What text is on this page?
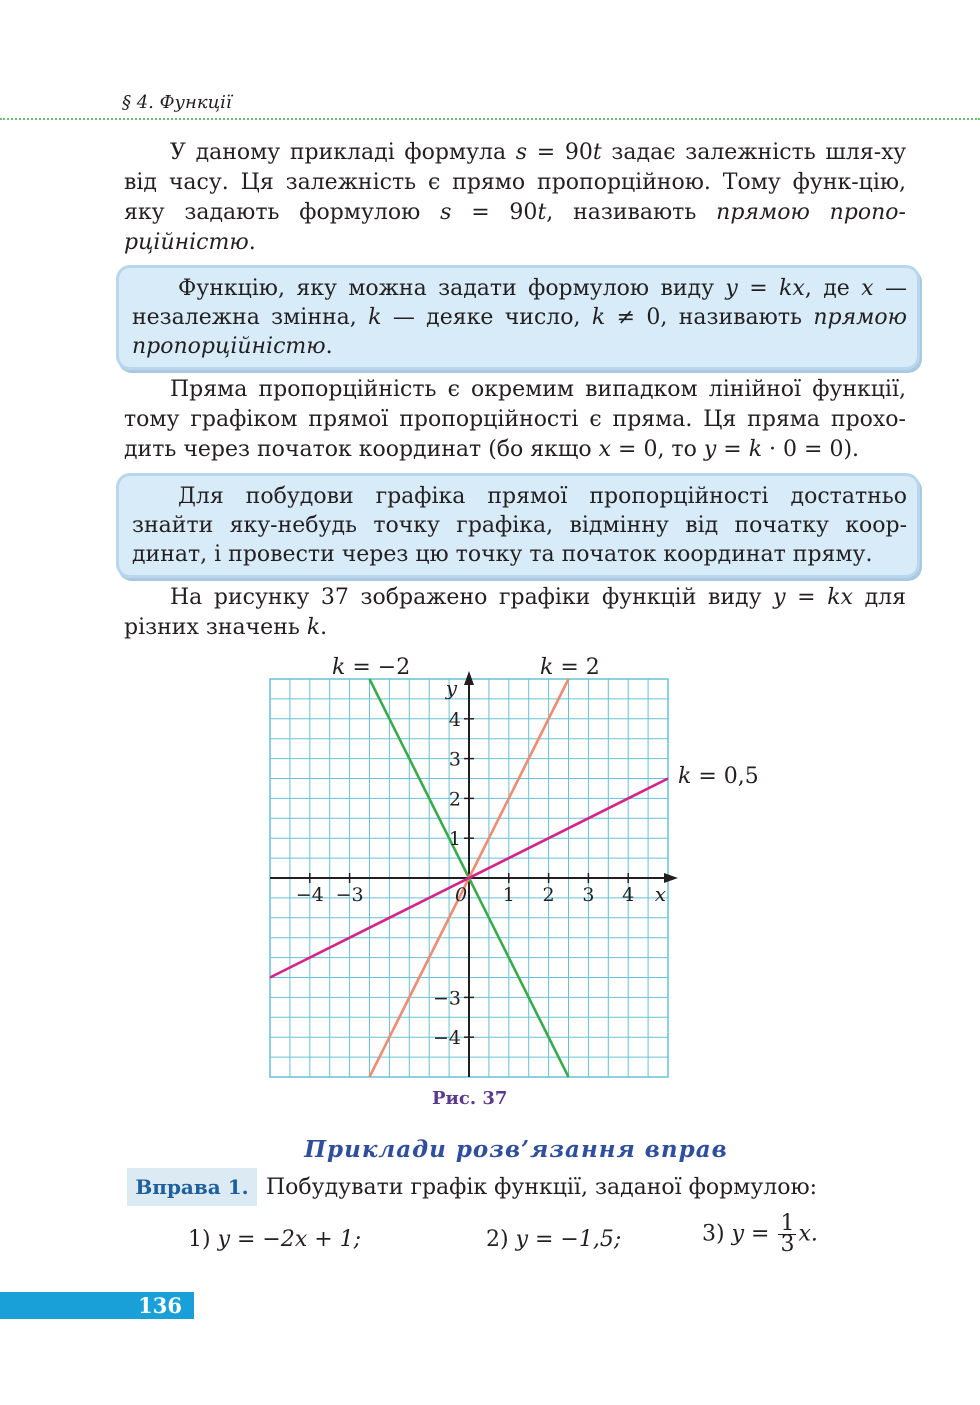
§ 4. Функції
У даному прикладі формула s = 90t задає залежність шля-хy від часу. Ця залежність є прямо пропорційною. Тому функ-цію, яку задають формулою s = 90t, називають прямою пропо-рційністю.
Функцію, яку можна задати формулою виду y = kx, де x — незалежна змінна, k — деяке число, k ≠ 0, називають прямою пропорційністю.
Пряма пропорційність є окремим випадком лінійної функції, тому графіком прямої пропорційності є пряма. Ця пряма прохо-дить через початок координат (бо якщо x = 0, то y = k · 0 = 0).
Для побудови графіка прямої пропорційності достатньо знайти яку-небудь точку графіка, відмінну від початку коор-динат, і провести через цю точку та початок координат пряму.
На рисунку 37 зображено графіки функцій виду y = kx для різних значень k.
−4 −3	0 1 2 3 4
4
3
2
1
−3
−4
x
y
k = −2	k = 2
k = 0,5
Рис. 37
Приклади розв’язання вправ
Вправа 1. Побудувати графік функції, заданої формулою:
1) y = −2x + 1;	2) y = −1,5;	3) $y = \frac{1}{3} x$.
136
